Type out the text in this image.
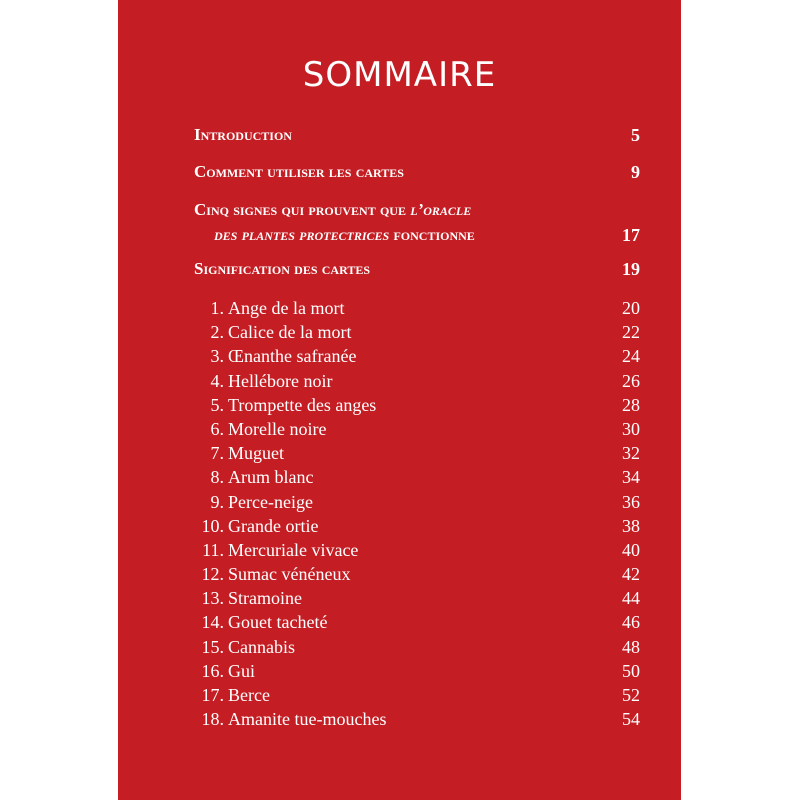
SOMMAIRE
Introduction	5
Comment utiliser les cartes	9
Cinq signes qui prouvent que l’oracle
des plantes protectrices fonctionne	17
Signification des cartes	19
1. Ange de la mort	20
2. Calice de la mort	22
3. Œnanthe safranée	24
4. Hellébore noir	26
5. Trompette des anges	28
6. Morelle noire	30
7. Muguet	32
8. Arum blanc	34
9. Perce-neige	36
10. Grande ortie	38
11. Mercuriale vivace	40
12. Sumac vénéneux	42
13. Stramoine	44
14. Gouet tacheté	46
15. Cannabis	48
16. Gui	50
17. Berce	52
18. Amanite tue-mouches	54
